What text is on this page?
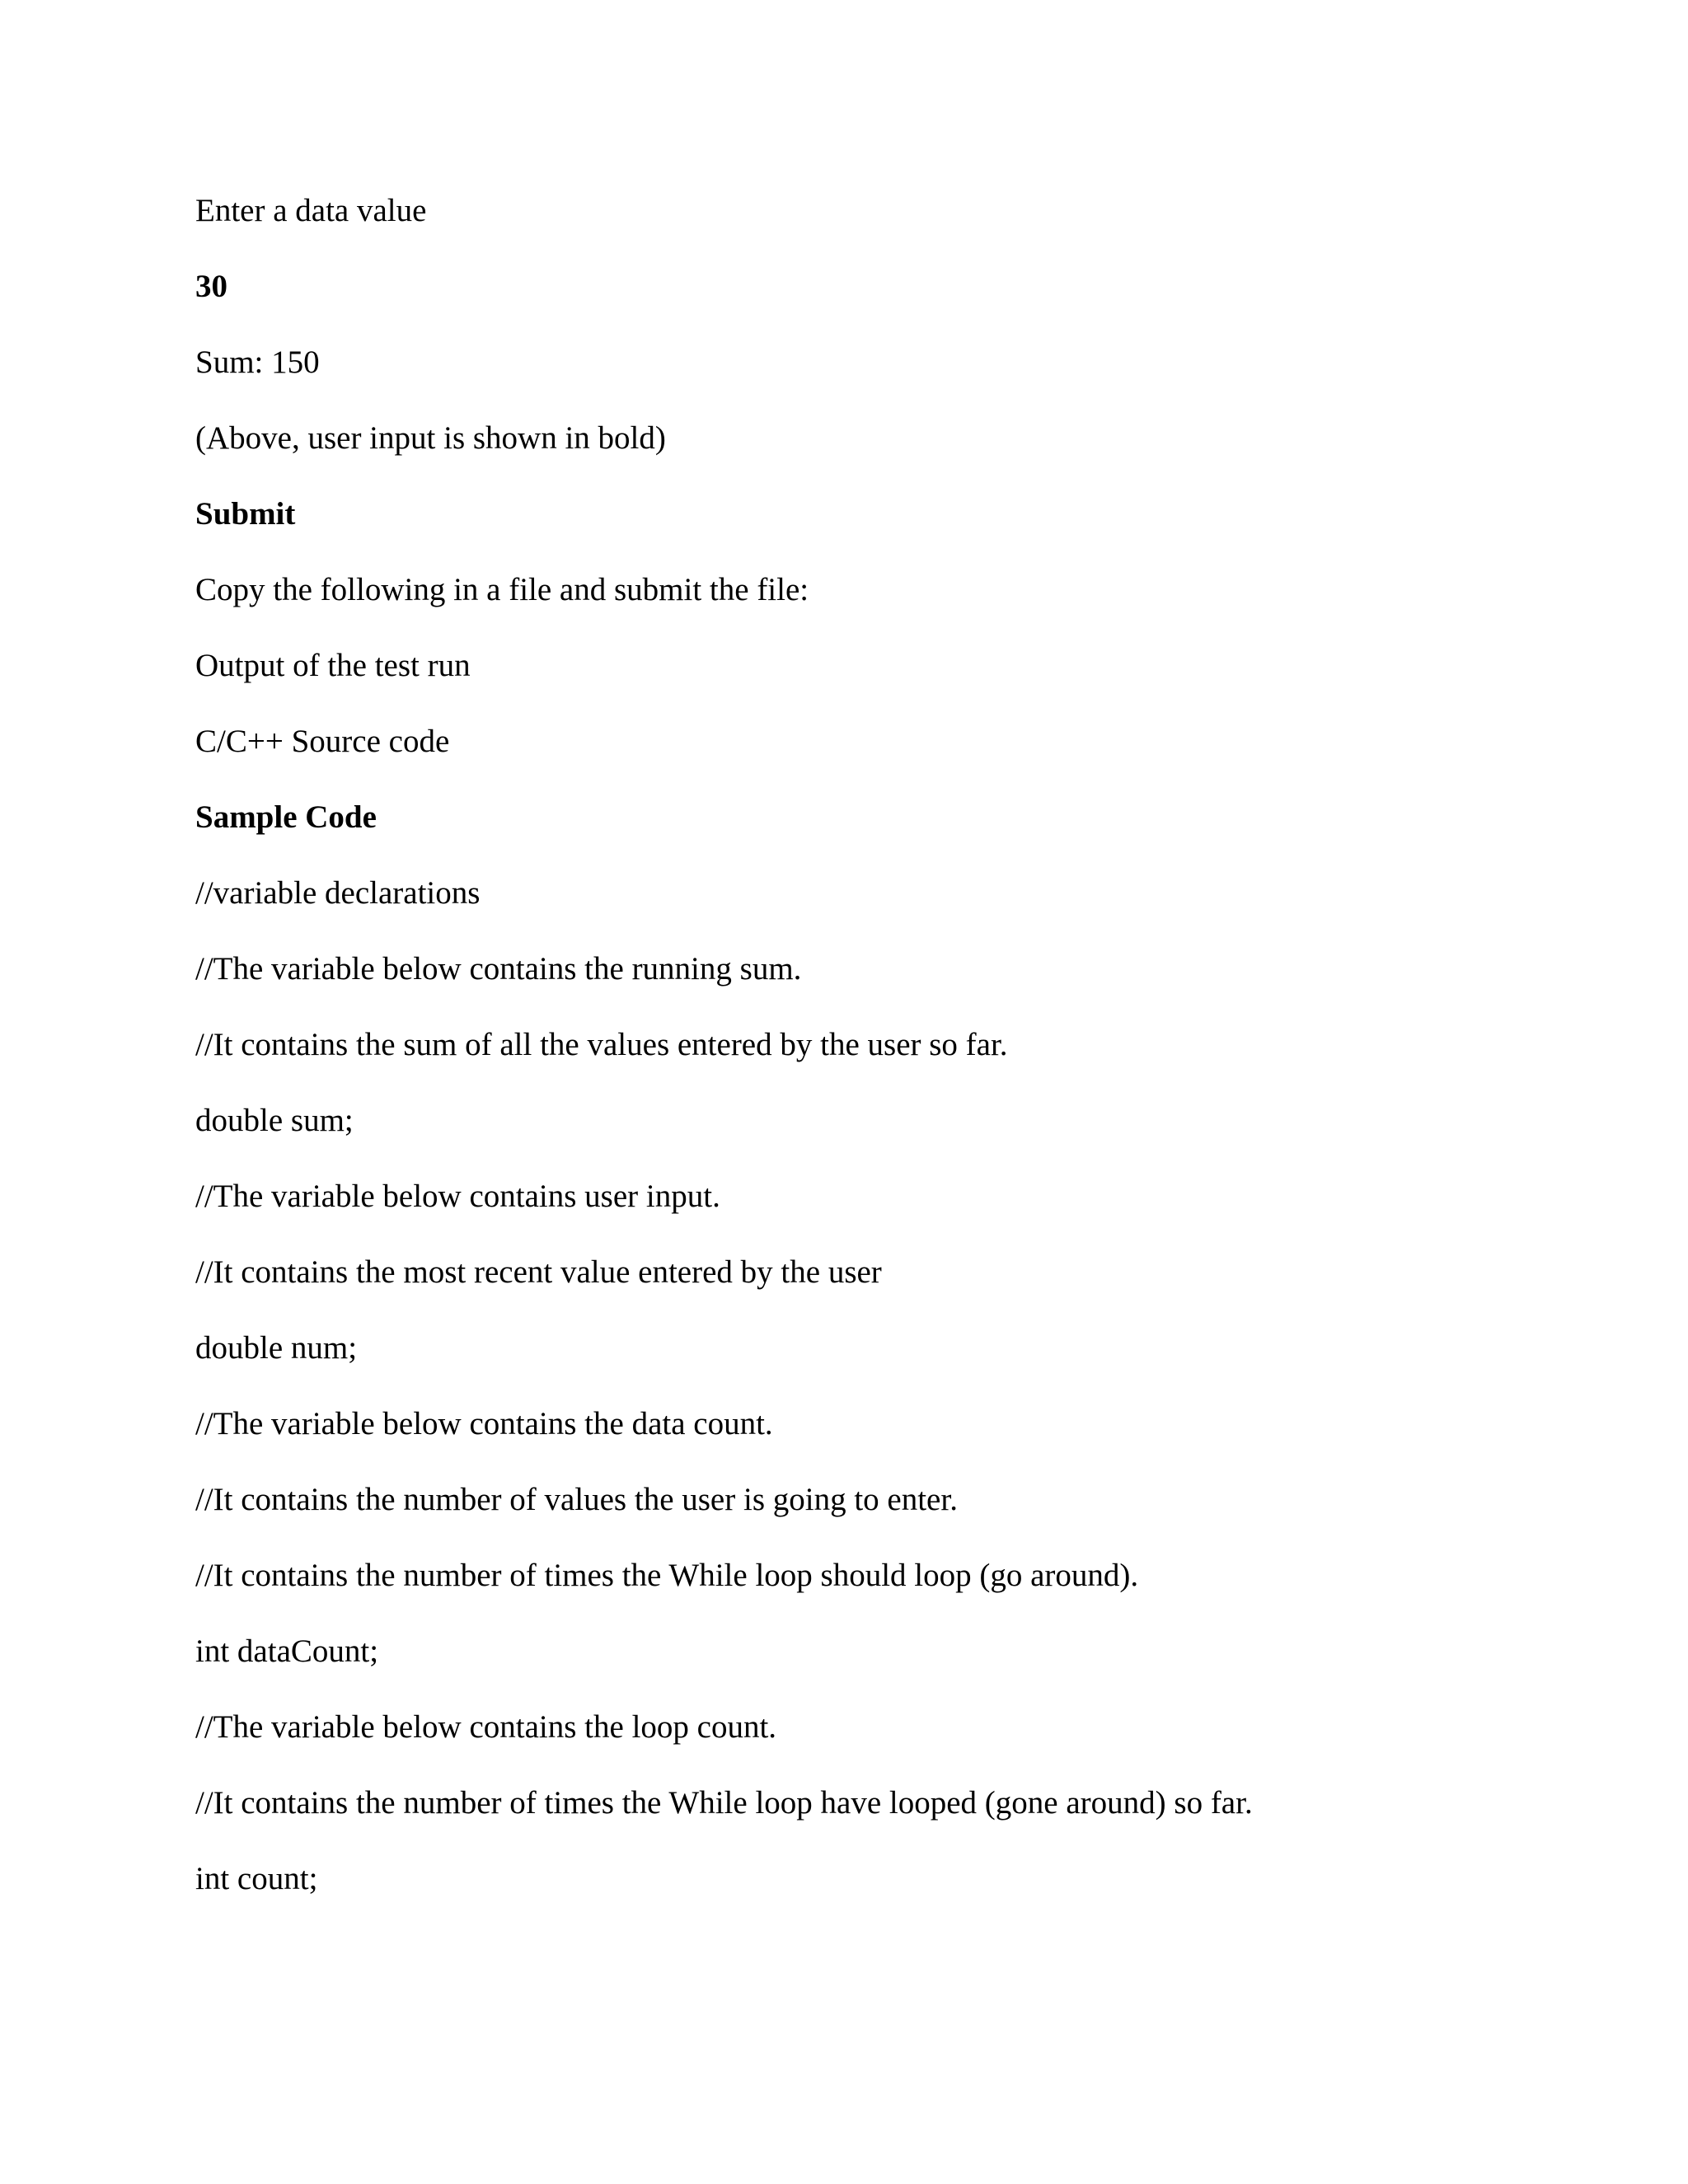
Enter a data value
30
Sum: 150
(Above, user input is shown in bold)
Submit
Copy the following in a file and submit the file:
Output of the test run
C/C++ Source code
Sample Code
//variable declarations
//The variable below contains the running sum.
//It contains the sum of all the values entered by the user so far.
double sum;
//The variable below contains user input.
//It contains the most recent value entered by the user
double num;
//The variable below contains the data count.
//It contains the number of values the user is going to enter.
//It contains the number of times the While loop should loop (go around).
int dataCount;
//The variable below contains the loop count.
//It contains the number of times the While loop have looped (gone around) so far.
int count;
